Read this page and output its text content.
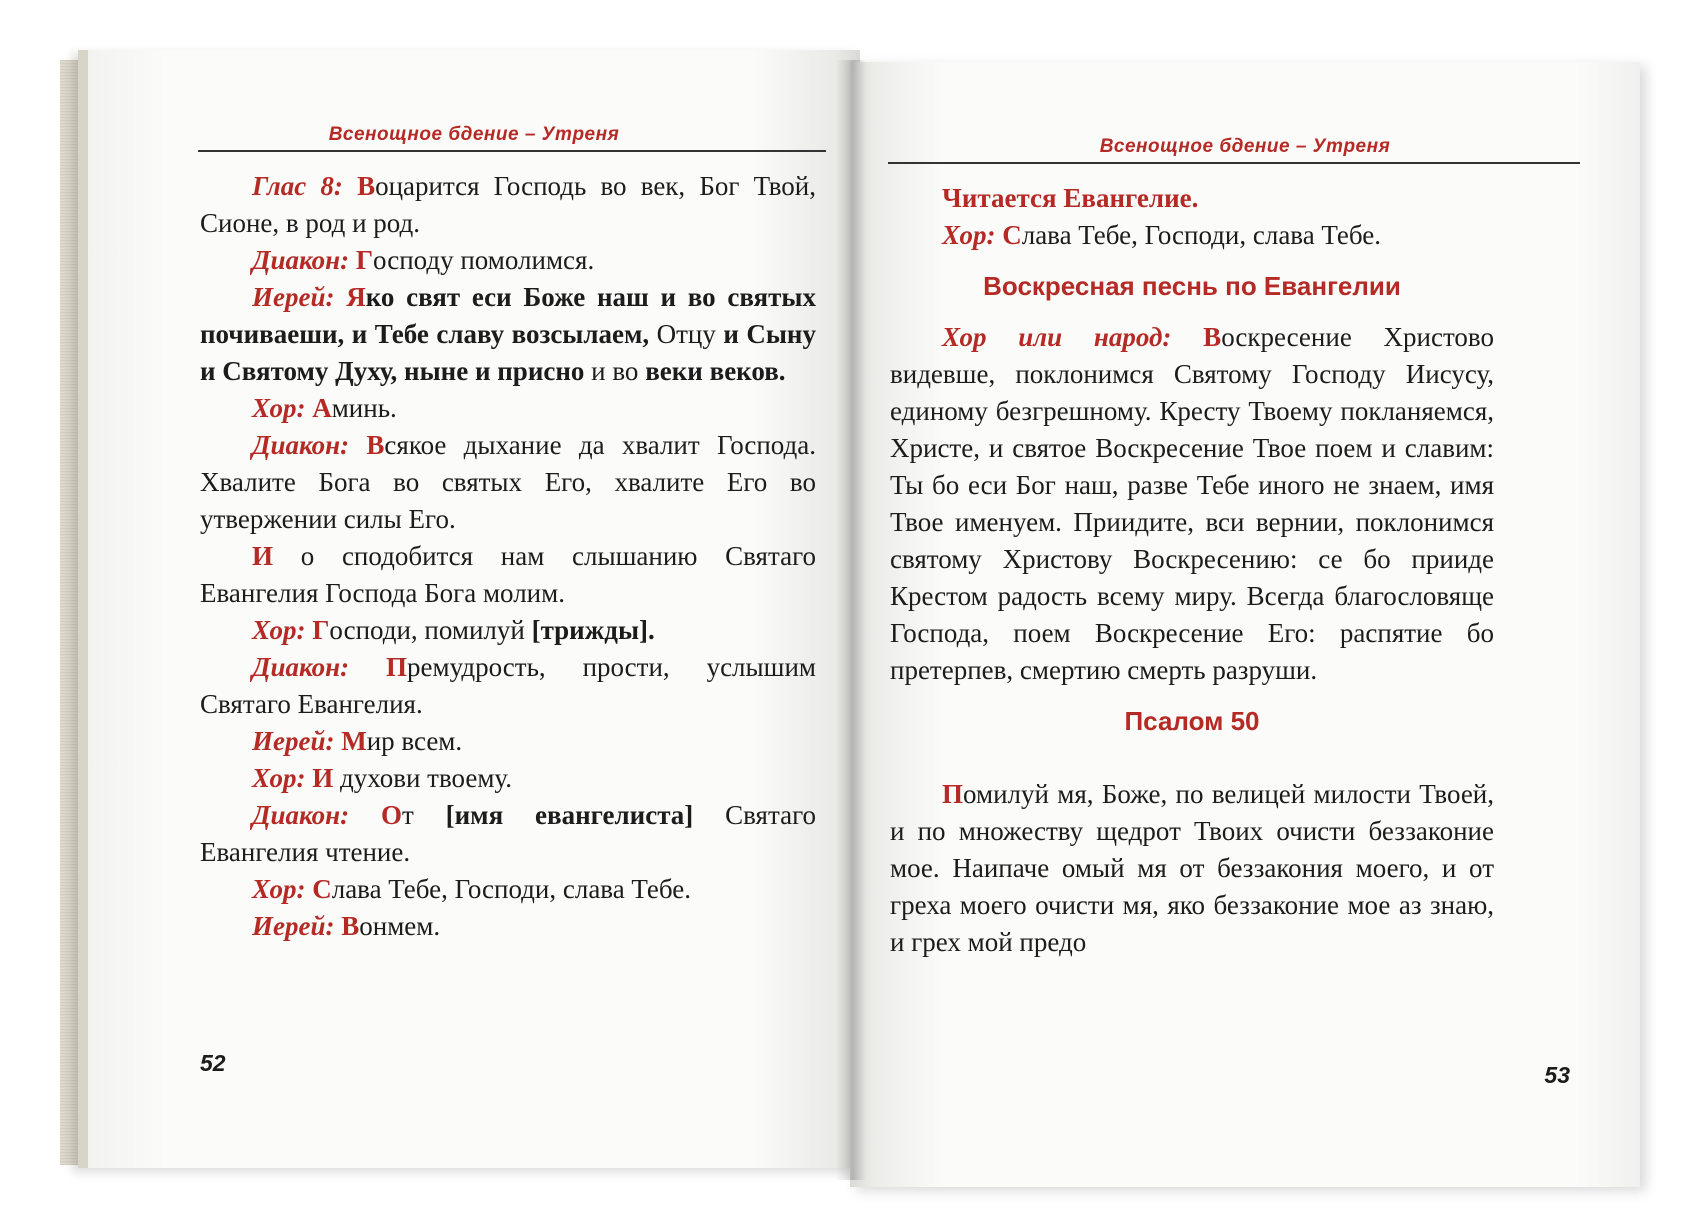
Всенощное бдение – Утреня

Глас 8: Воцарится Господь во век, Бог Твой, Сионе, в род и род.

Диакон: Господу помолимся.

Иерей: Яко свят еси Боже наш и во святых почиваеши, и Тебе славу возсылаем, Отцу и Сыну и Святому Духу, ныне и присно и во веки веков.

Хор: Аминь.

Диакон: Всякое дыхание да хвалит Господа. Хвалите Бога во святых Его, хвалите Его во утвержении силы Его.

И о сподобится нам слышанию Святаго Евангелия Господа Бога молим.

Хор: Господи, помилуй [трижды].

Диакон: Премудрость, прости, услышим Святаго Евангелия.

Иерей: Мир всем.

Хор: И духови твоему.

Диакон: От [имя евангелиста] Святаго Евангелия чтение.

Хор: Слава Тебе, Господи, слава Тебе.

Иерей: Вонмем.

52
Всенощное бдение – Утреня

Читается Евангелие.

Хор: Слава Тебе, Господи, слава Тебе.

Воскресная песнь по Евангелии

Хор или народ: Воскресение Христово видевше, поклонимся Святому Господу Иисусу, единому безгрешному. Кресту Твоему покланяемся, Христе, и святое Воскресение Твое поем и славим: Ты бо еси Бог наш, разве Тебе иного не знаем, имя Твое именуем. Приидите, вси вернии, поклонимся святому Христову Воскресению: се бо прииде Крестом радость всему миру. Всегда благословяще Господа, поем Воскресение Его: распятие бо претерпев, смертию смерть разруши.

Псалом 50

Помилуй мя, Боже, по велицей милости Твоей, и по множеству щедрот Твоих очисти беззаконие мое. Наипаче омый мя от беззакония моего, и от греха моего очисти мя, яко беззаконие мое аз знаю, и грех мой предо

53
